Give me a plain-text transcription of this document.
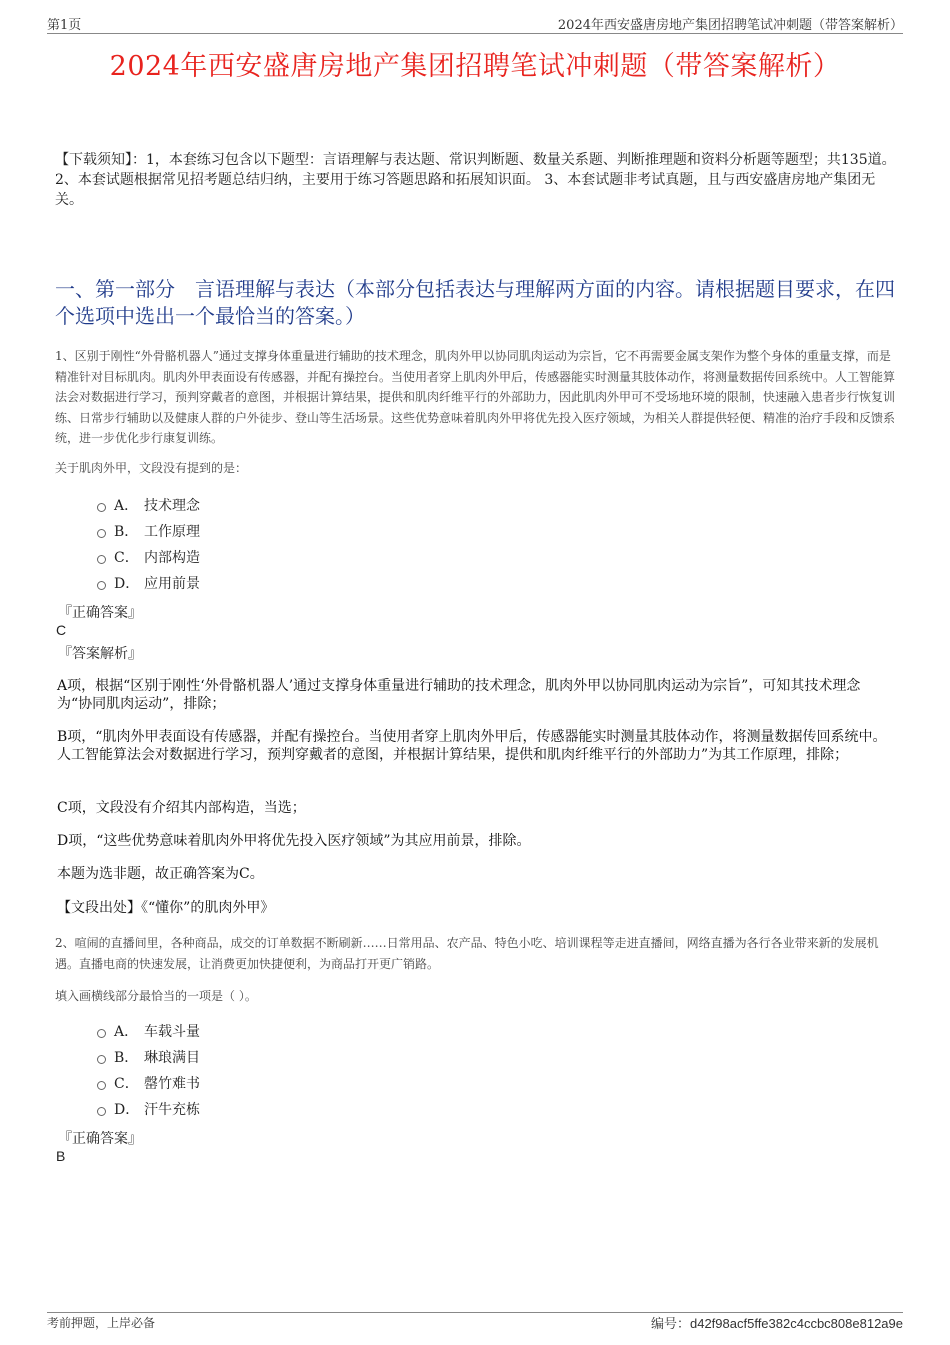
第1页	2024年西安盛唐房地产集团招聘笔试冲刺题（带答案解析）
2024年西安盛唐房地产集团招聘笔试冲刺题（带答案解析）
【下载须知】：1，本套练习包含以下题型：言语理解与表达题、常识判断题、数量关系题、判断推理题和资料分析题等题型；共135道。 2、本套试题根据常见招考题总结归纳，主要用于练习答题思路和拓展知识面。 3、本套试题非考试真题，且与西安盛唐房地产集团无关。
一、第一部分　言语理解与表达（本部分包括表达与理解两方面的内容。请根据题目要求，在四个选项中选出一个最恰当的答案。）
1、区别于刚性“外骨骼机器人”通过支撑身体重量进行辅助的技术理念，肌肉外甲以协同肌肉运动为宗旨，它不再需要金属支架作为整个身体的重量支撑，而是精准针对目标肌肉。肌肉外甲表面设有传感器，并配有操控台。当使用者穿上肌肉外甲后，传感器能实时测量其肢体动作，将测量数据传回系统中。人工智能算法会对数据进行学习，预判穿戴者的意图，并根据计算结果，提供和肌肉纤维平行的外部助力，因此肌肉外甲可不受场地环境的限制，快速融入患者步行恢复训练、日常步行辅助以及健康人群的户外徒步、登山等生活场景。这些优势意味着肌肉外甲将优先投入医疗领域，为相关人群提供轻便、精准的治疗手段和反馈系统，进一步优化步行康复训练。
关于肌肉外甲，文段没有提到的是：
A． 技术理念
B． 工作原理
C． 内部构造
D． 应用前景
『正确答案』
C
『答案解析』
A项，根据“区别于刚性‘外骨骼机器人’通过支撑身体重量进行辅助的技术理念，肌肉外甲以协同肌肉运动为宗旨”，可知其技术理念为“协同肌肉运动”，排除；
B项，“肌肉外甲表面设有传感器，并配有操控台。当使用者穿上肌肉外甲后，传感器能实时测量其肢体动作，将测量数据传回系统中。人工智能算法会对数据进行学习，预判穿戴者的意图，并根据计算结果，提供和肌肉纤维平行的外部助力”为其工作原理，排除；
C项，文段没有介绍其内部构造，当选；
D项，“这些优势意味着肌肉外甲将优先投入医疗领域”为其应用前景，排除。
本题为选非题，故正确答案为C。
【文段出处】《“懂你”的肌肉外甲》
2、喧闹的直播间里，各种商品，成交的订单数据不断刷新……日常用品、农产品、特色小吃、培训课程等走进直播间，网络直播为各行各业带来新的发展机遇。直播电商的快速发展，让消费更加快捷便利，为商品打开更广销路。
填入画横线部分最恰当的一项是（ ）。
A． 车载斗量
B． 琳琅满目
C． 罄竹难书
D． 汗牛充栋
『正确答案』
B
考前押题，上岸必备	编号：d42f98acf5ffe382c4ccbc808e812a9e
